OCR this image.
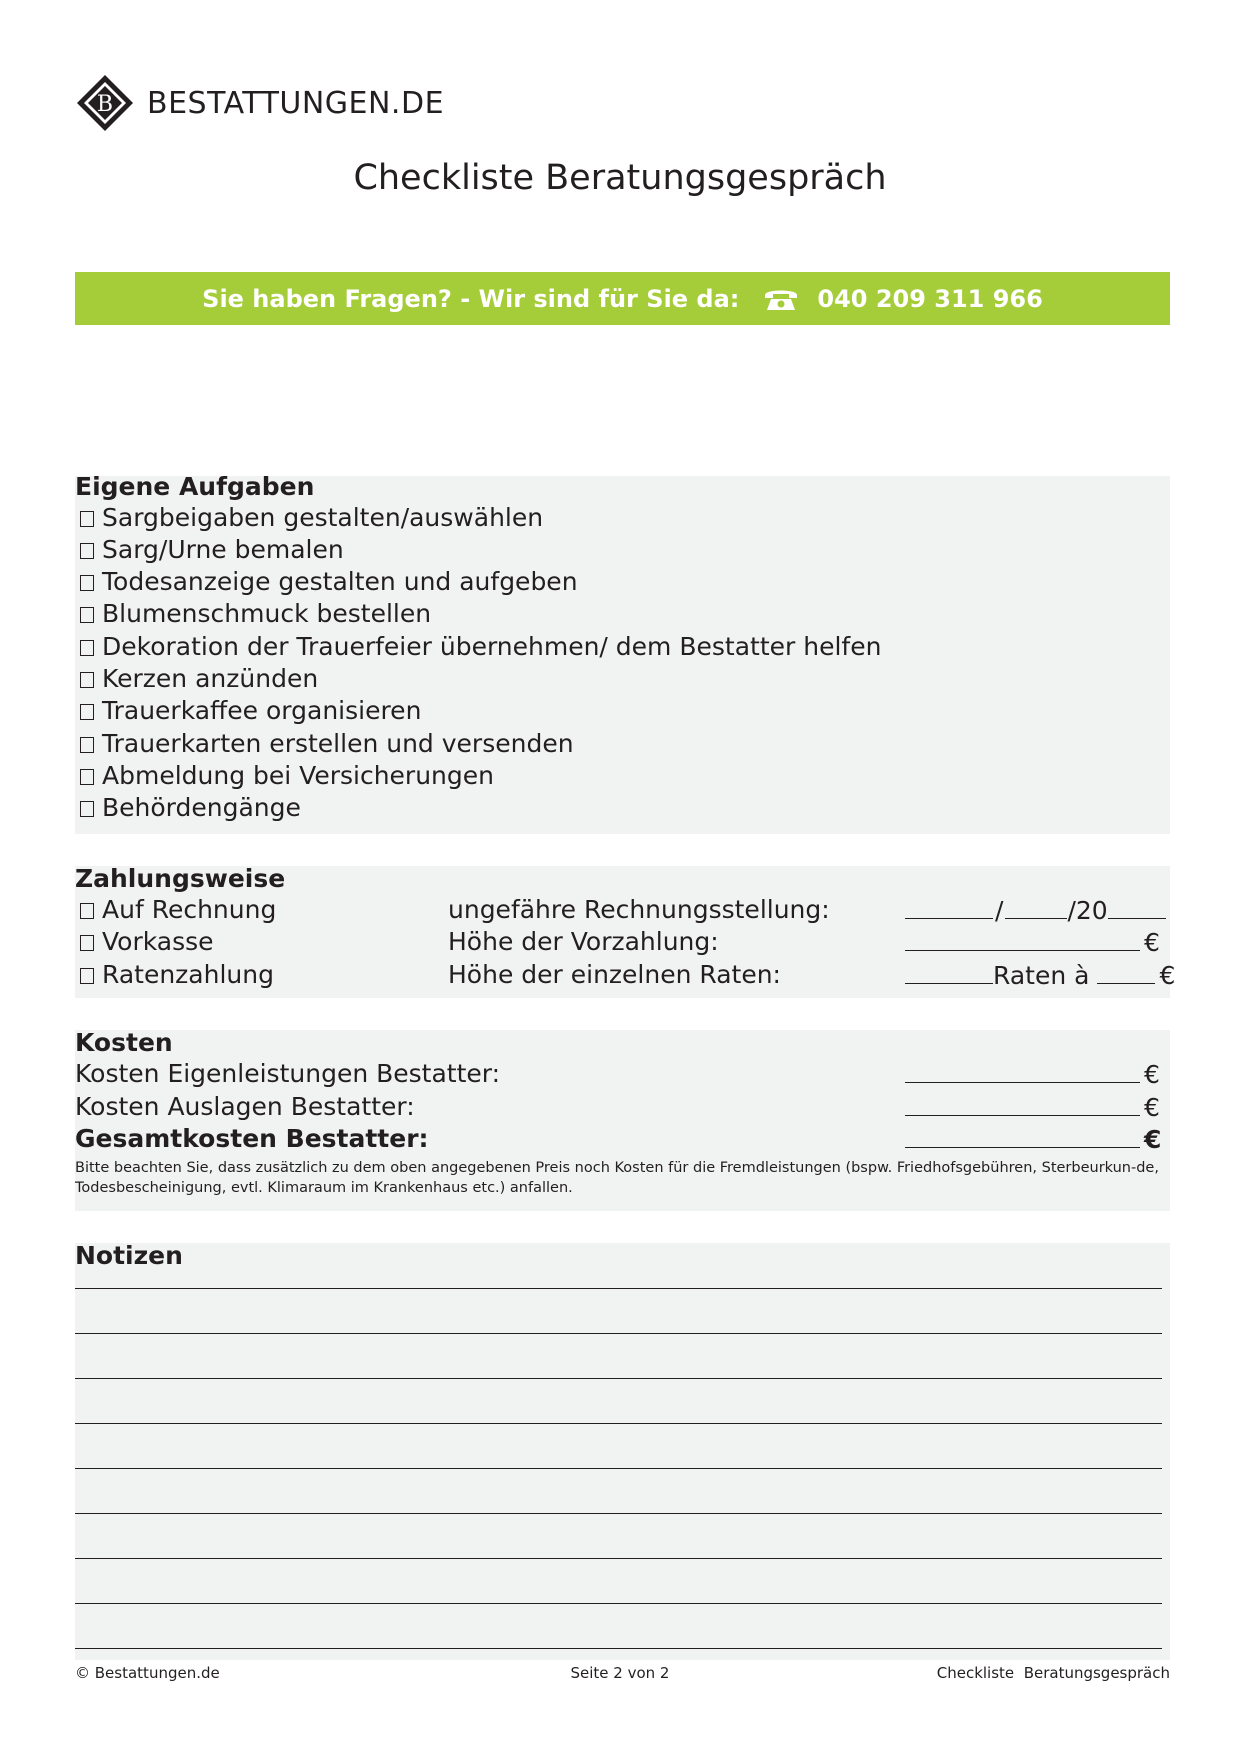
B BESTATTUNGEN.DE
Checkliste Beratungsgespräch
Sie haben Fragen? - Wir sind für Sie da:	040 209 311 966
Eigene Aufgaben
Sargbeigaben gestalten/auswählen
Sarg/Urne bemalen
Todesanzeige gestalten und aufgeben
Blumenschmuck bestellen
Dekoration der Trauerfeier übernehmen/ dem Bestatter helfen
Kerzen anzünden
Trauerkaffee organisieren
Trauerkarten erstellen und versenden
Abmeldung bei Versicherungen
Behördengänge
Zahlungsweise
Auf Rechnung	ungefähre Rechnungsstellung:	/	/20
Vorkasse	Höhe der Vorzahlung:	€
Ratenzahlung	Höhe der einzelnen Raten:	Raten à	€
Kosten
Kosten Eigenleistungen Bestatter:	€
Kosten Auslagen Bestatter:	€
Gesamtkosten Bestatter:	€
Bitte beachten Sie, dass zusätzlich zu dem oben angegebenen Preis noch Kosten für die Fremdleistungen (bspw. Friedhofsgebühren, Sterbeurkun-de, Todesbescheinigung, evtl. Klimaraum im Krankenhaus etc.) anfallen.
Notizen
© Bestattungen.de	Seite 2 von 2	Checkliste  Beratungsgespräch
